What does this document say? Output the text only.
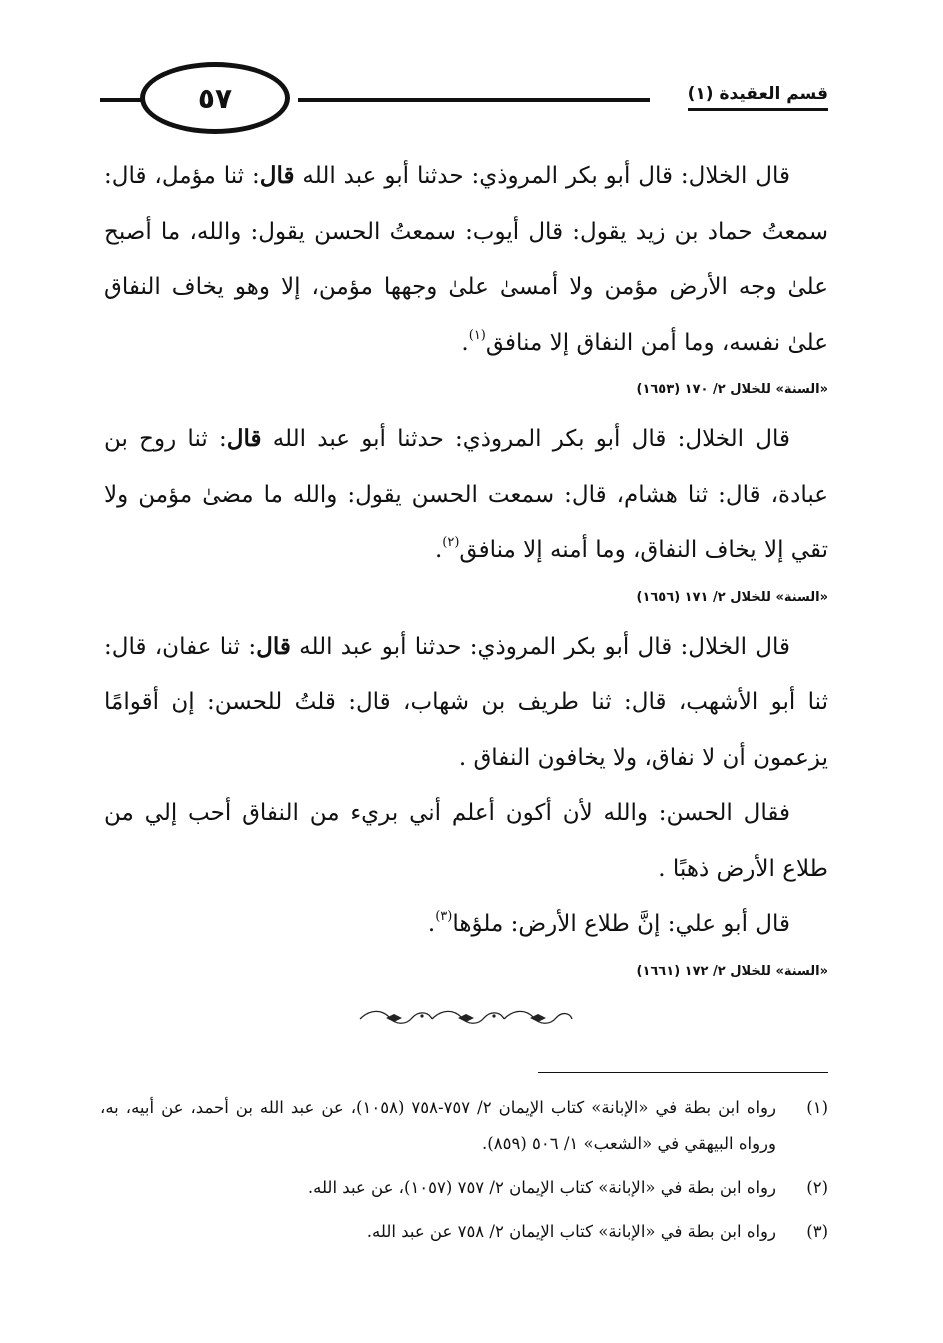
٥٧	قسم العقيدة (١)

قال الخلال: قال أبو بكر المروذي: حدثنا أبو عبد الله قال: ثنا مؤمل، قال: سمعتُ حماد بن زيد يقول: قال أيوب: سمعتُ الحسن يقول: والله، ما أصبح علىٰ وجه الأرض مؤمن ولا أمسىٰ علىٰ وجهها مؤمن، إلا وهو يخاف النفاق علىٰ نفسه، وما أمن النفاق إلا منافق$^{(١)}$.

«السنة» للخلال ٢/ ١٧٠ (١٦٥٣)

قال الخلال: قال أبو بكر المروذي: حدثنا أبو عبد الله قال: ثنا روح بن عبادة، قال: ثنا هشام، قال: سمعت الحسن يقول: والله ما مضىٰ مؤمن ولا تقي إلا يخاف النفاق، وما أمنه إلا منافق$^{(٢)}$.

«السنة» للخلال ٢/ ١٧١ (١٦٥٦)

قال الخلال: قال أبو بكر المروذي: حدثنا أبو عبد الله قال: ثنا عفان، قال: ثنا أبو الأشهب، قال: ثنا طريف بن شهاب، قال: قلتُ للحسن: إن أقوامًا يزعمون أن لا نفاق، ولا يخافون النفاق .

فقال الحسن: والله لأن أكون أعلم أني بريء من النفاق أحب إلي من طلاع الأرض ذهبًا .

قال أبو علي: إنَّ طلاع الأرض: ملؤها$^{(٣)}$.

«السنة» للخلال ٢/ ١٧٢ (١٦٦١)
(١)
رواه ابن بطة في «الإبانة» كتاب الإيمان ٢/ ٧٥٧-٧٥٨ (١٠٥٨)، عن عبد الله بن أحمد، عن أبيه، به، ورواه البيهقي في «الشعب» ١/ ٥٠٦ (٨٥٩).
(٢)
رواه ابن بطة في «الإبانة» كتاب الإيمان ٢/ ٧٥٧ (١٠٥٧)، عن عبد الله.
(٣)
رواه ابن بطة في «الإبانة» كتاب الإيمان ٢/ ٧٥٨ عن عبد الله.
